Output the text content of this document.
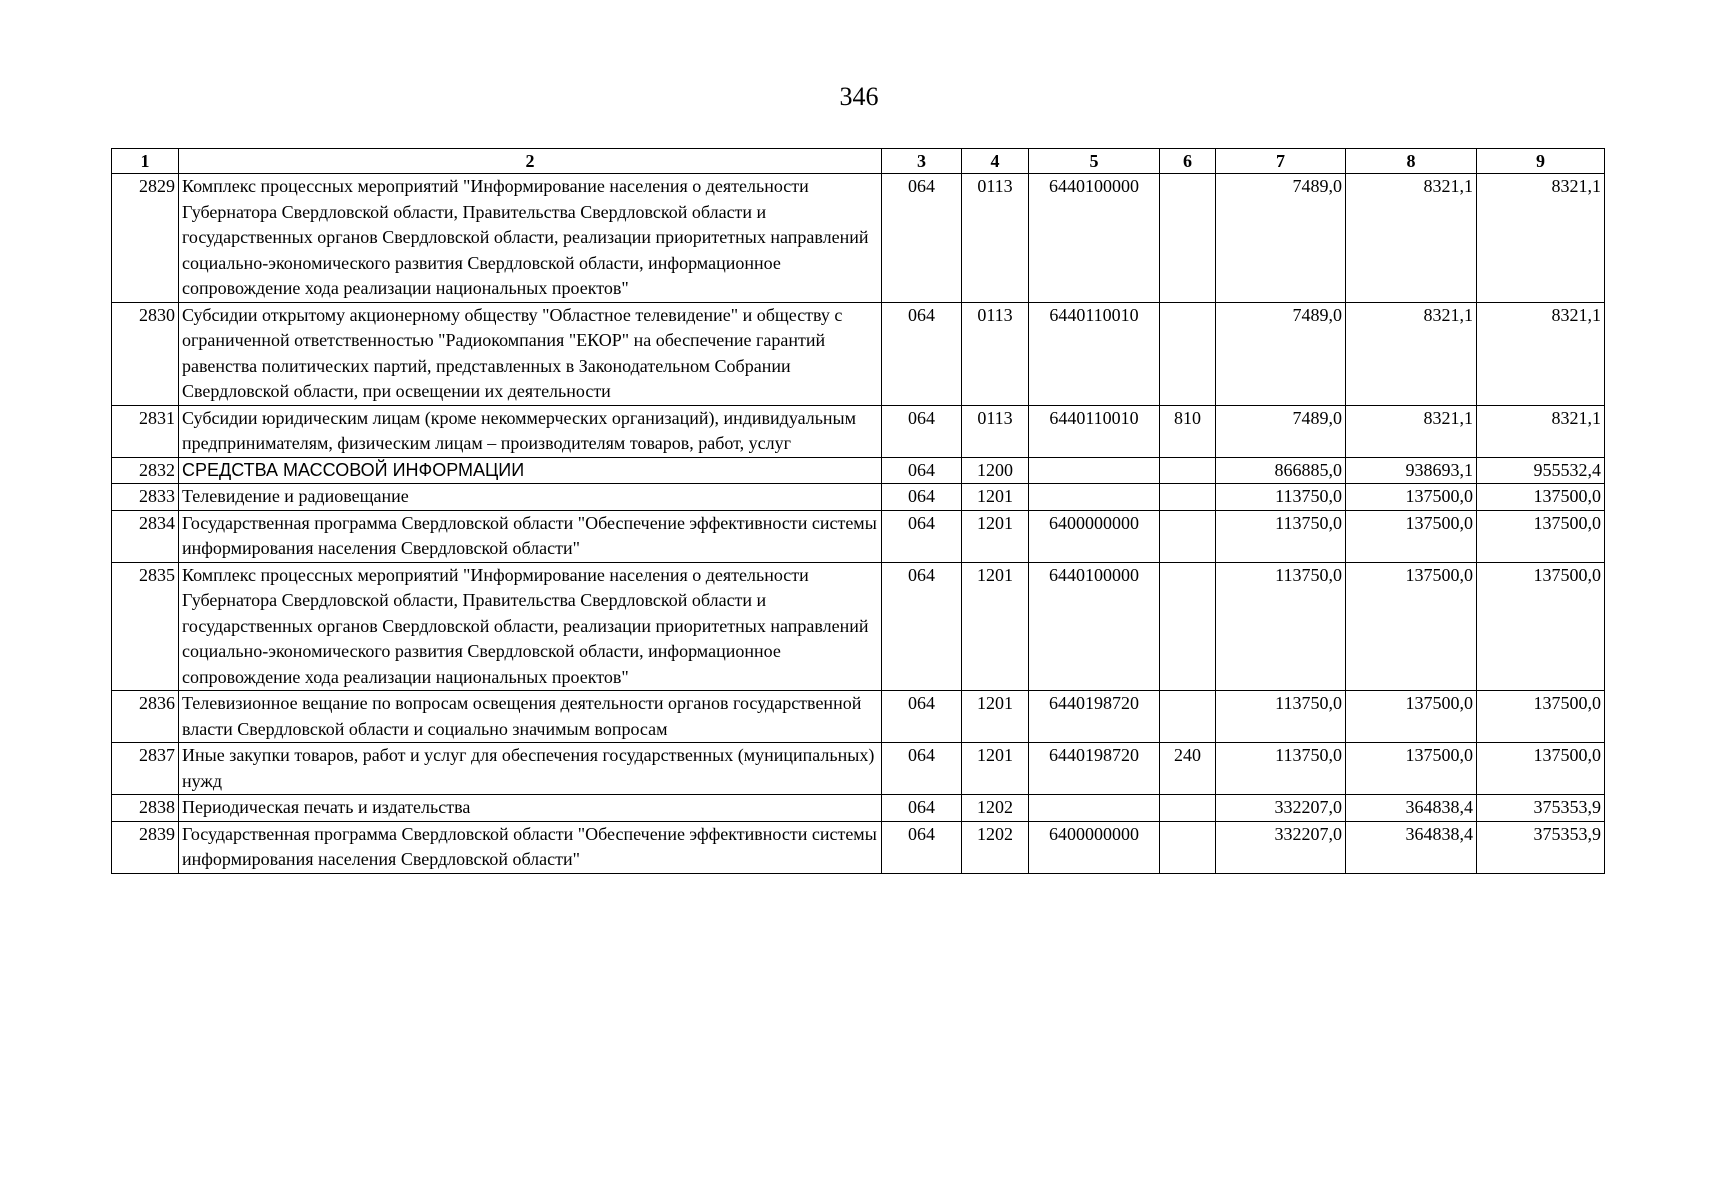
346
1	2	3	4	5	6	7	8	9
2829	Комплекс процессных мероприятий "Информирование населения о деятельности Губернатора Свердловской области, Правительства Свердловской области и государственных органов Свердловской области, реализации приоритетных направлений социально-экономического развития Свердловской области, информационное сопровождение хода реализации национальных проектов"	064	0113	6440100000		7489,0	8321,1	8321,1
2830	Субсидии открытому акционерному обществу "Областное телевидение" и обществу с ограниченной ответственностью "Радиокомпания "ЕКОР" на обеспечение гарантий равенства политических партий, представленных в Законодательном Собрании Свердловской области, при освещении их деятельности	064	0113	6440110010		7489,0	8321,1	8321,1
2831	Субсидии юридическим лицам (кроме некоммерческих организаций), индивидуальным предпринимателям, физическим лицам – производителям товаров, работ, услуг	064	0113	6440110010	810	7489,0	8321,1	8321,1
2832	СРЕДСТВА МАССОВОЙ ИНФОРМАЦИИ	064	1200			866885,0	938693,1	955532,4
2833	Телевидение и радиовещание	064	1201			113750,0	137500,0	137500,0
2834	Государственная программа Свердловской области "Обеспечение эффективности системы информирования населения Свердловской области"	064	1201	6400000000		113750,0	137500,0	137500,0
2835	Комплекс процессных мероприятий "Информирование населения о деятельности Губернатора Свердловской области, Правительства Свердловской области и государственных органов Свердловской области, реализации приоритетных направлений социально-экономического развития Свердловской области, информационное сопровождение хода реализации национальных проектов"	064	1201	6440100000		113750,0	137500,0	137500,0
2836	Телевизионное вещание по вопросам освещения деятельности органов государственной власти Свердловской области и социально значимым вопросам	064	1201	6440198720		113750,0	137500,0	137500,0
2837	Иные закупки товаров, работ и услуг для обеспечения государственных (муниципальных) нужд	064	1201	6440198720	240	113750,0	137500,0	137500,0
2838	Периодическая печать и издательства	064	1202			332207,0	364838,4	375353,9
2839	Государственная программа Свердловской области "Обеспечение эффективности системы информирования населения Свердловской области"	064	1202	6400000000		332207,0	364838,4	375353,9
